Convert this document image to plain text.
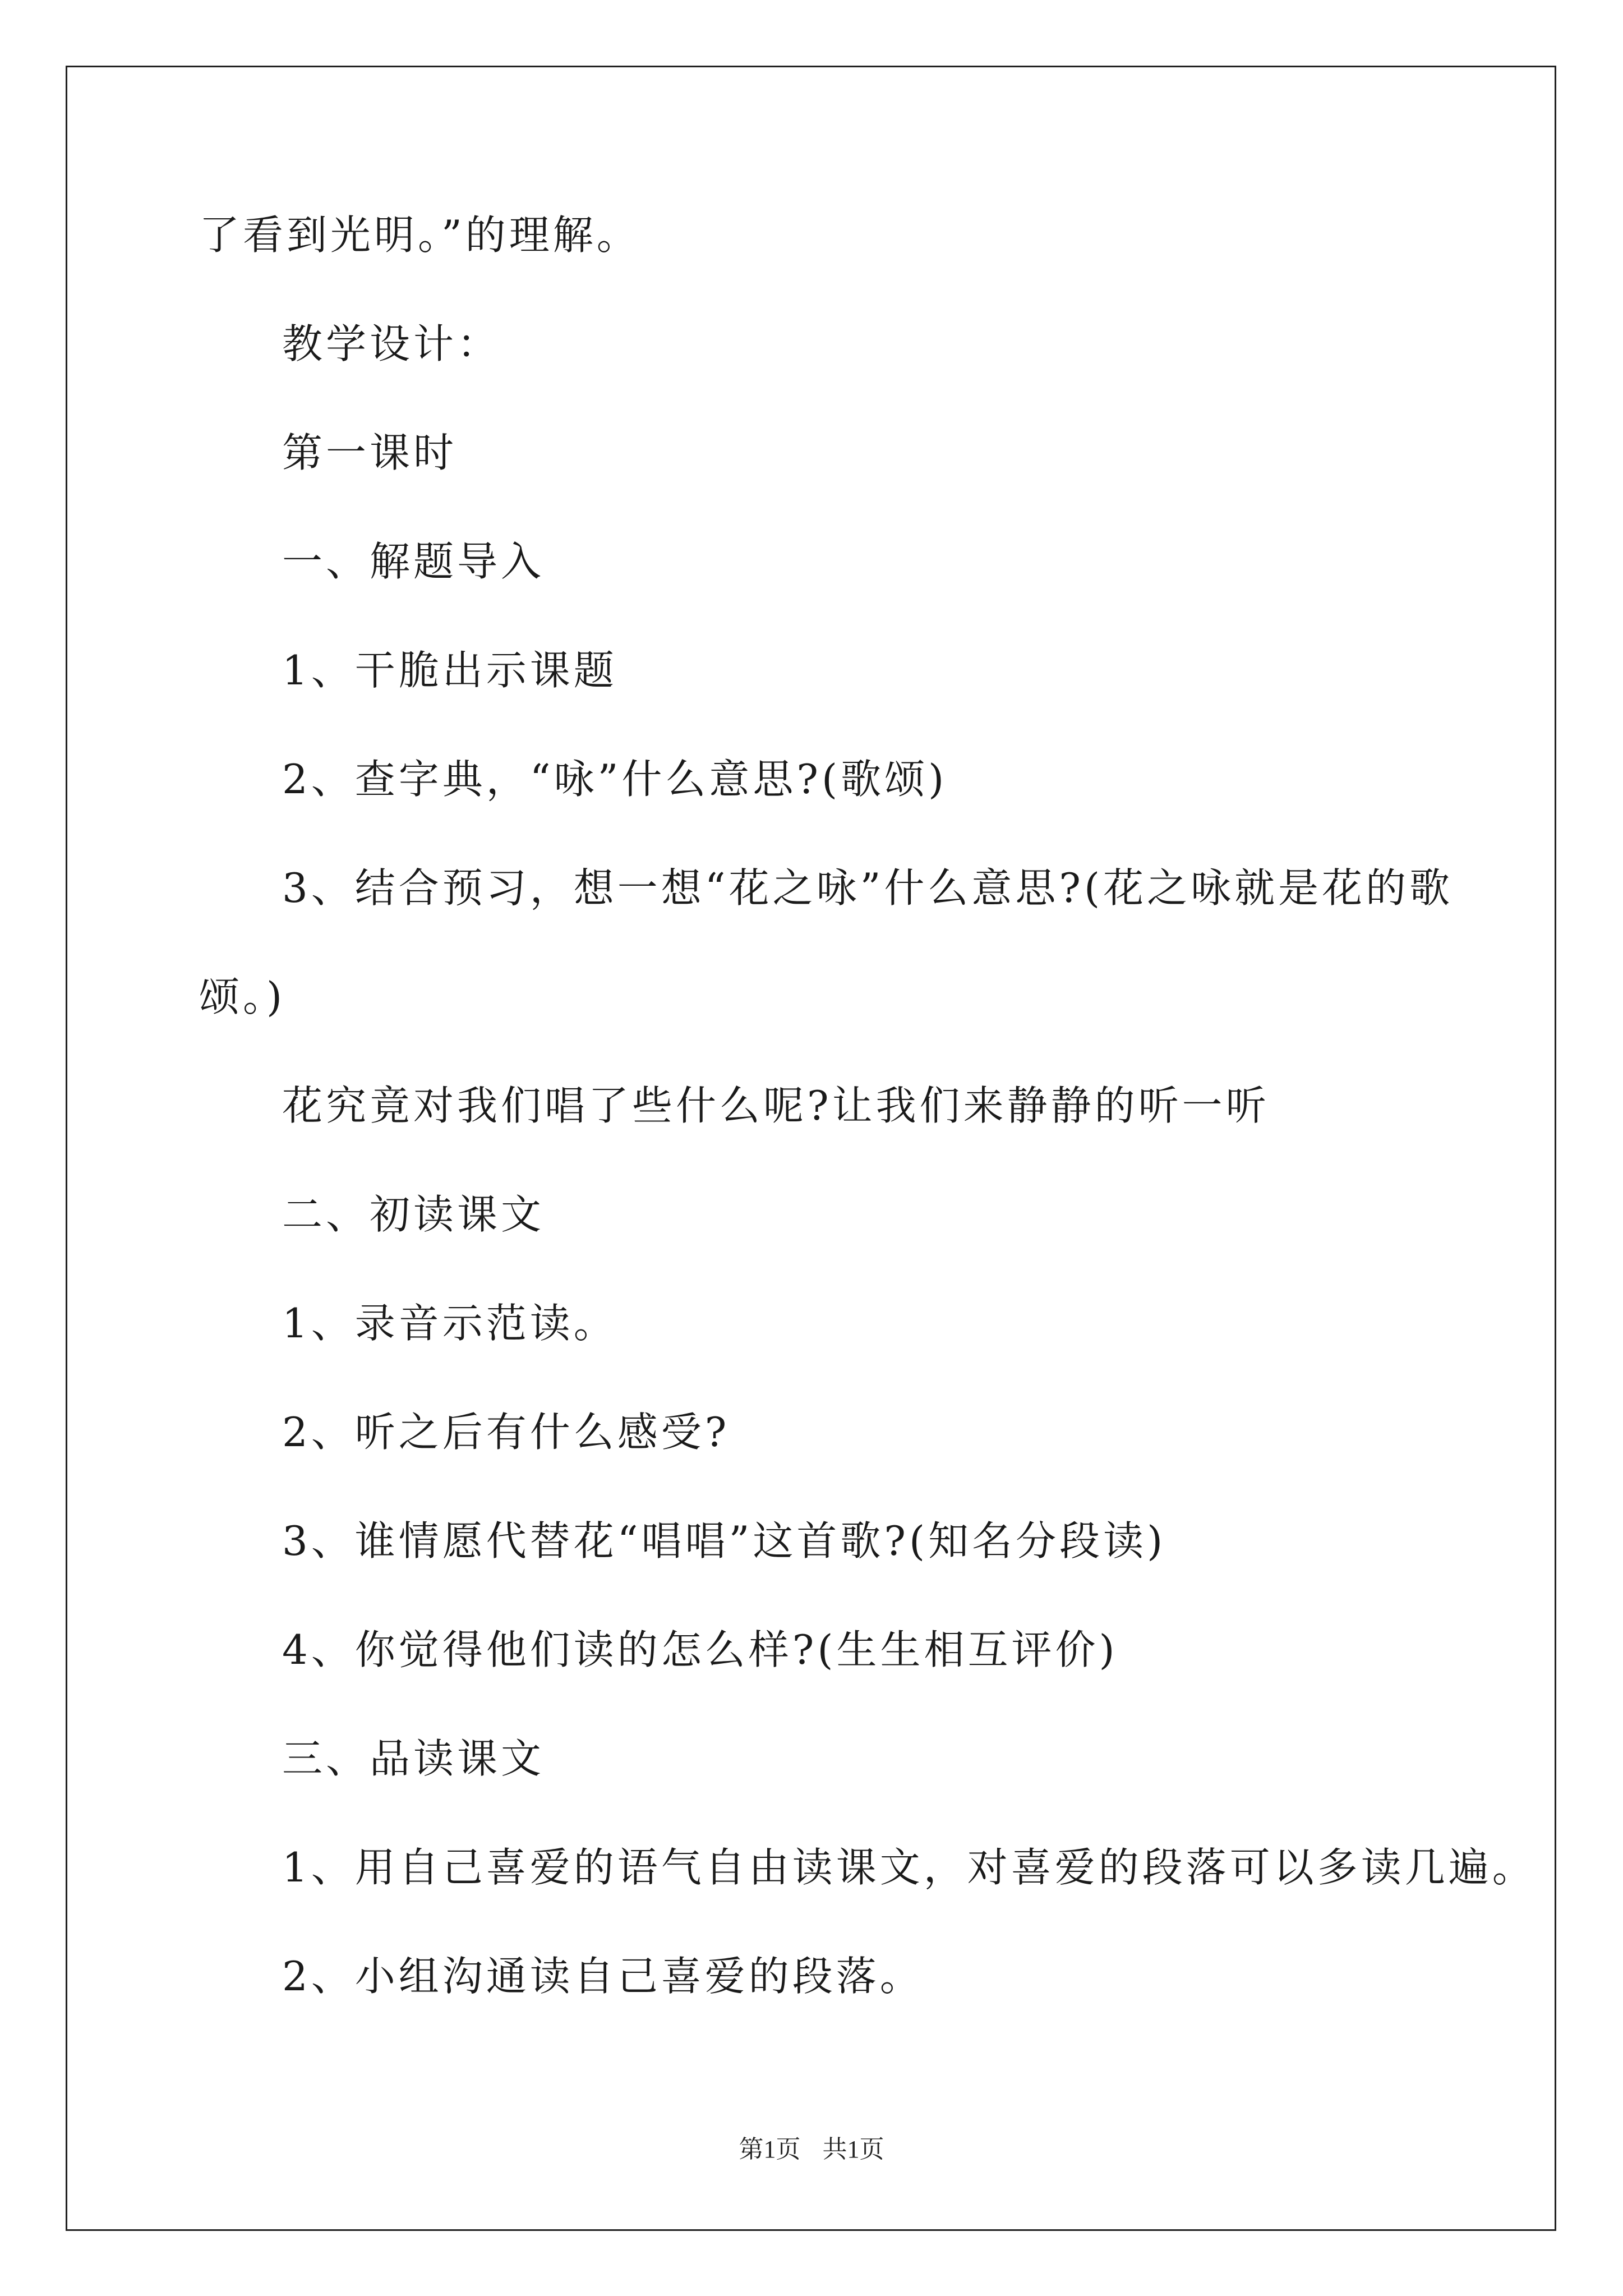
了看到光明。”的理解。

教学设计：

第一课时

一、解题导入

1、干脆出示课题

2、查字典，“咏”什么意思?(歌颂)

3、结合预习，想一想“花之咏”什么意思?(花之咏就是花的歌

颂。)

花究竟对我们唱了些什么呢?让我们来静静的听一听

二、初读课文

1、录音示范读。

2、听之后有什么感受?

3、谁情愿代替花“唱唱”这首歌?(知名分段读)

4、你觉得他们读的怎么样?(生生相互评价)

三、品读课文

1、用自己喜爱的语气自由读课文，对喜爱的段落可以多读几遍。

2、小组沟通读自己喜爱的段落。

第1页 共1页
